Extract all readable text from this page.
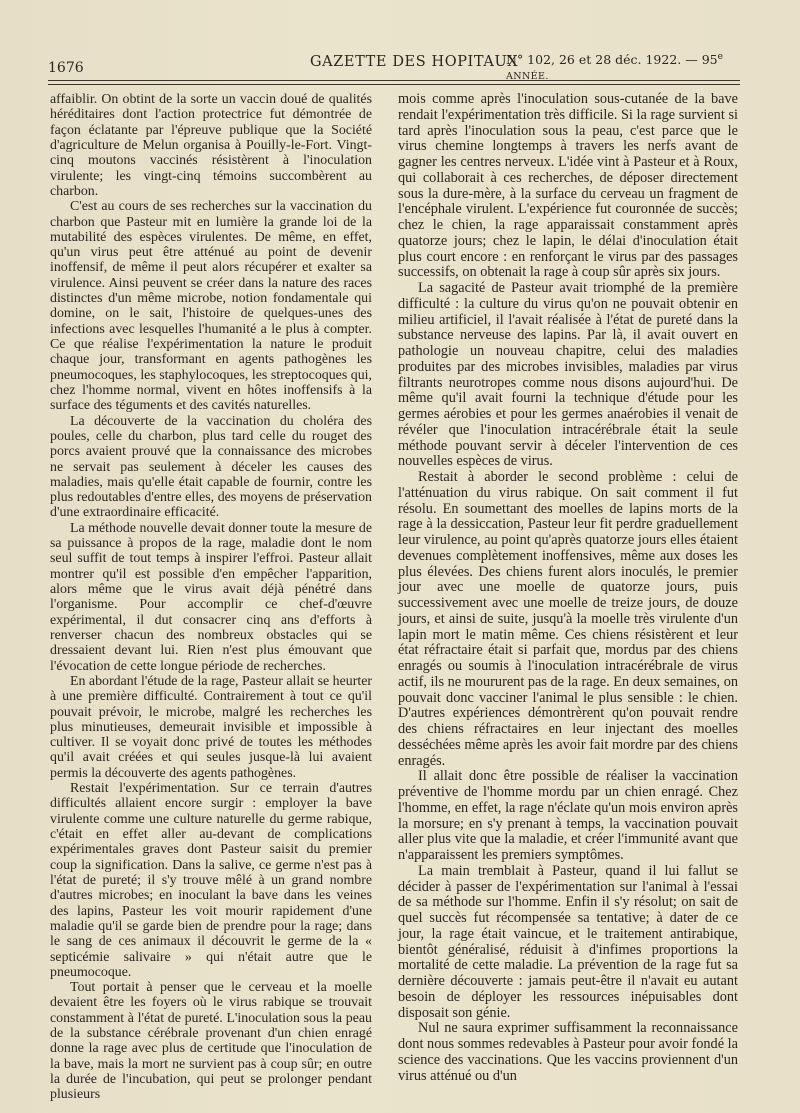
1676	GAZETTE DES HOPITAUX
N° 102, 26 et 28 déc. 1922. — 95e ANNÉE.

affaiblir. On obtint de la sorte un vaccin doué de qualités héréditaires dont l'action protectrice fut démontrée de façon éclatante par l'épreuve publique que la Société d'agriculture de Melun organisa à Pouilly-le-Fort. Vingt-cinq moutons vaccinés résistèrent à l'inoculation virulente; les vingt-cinq témoins succombèrent au charbon.

C'est au cours de ses recherches sur la vaccination du charbon que Pasteur mit en lumière la grande loi de la mutabilité des espèces virulentes. De même, en effet, qu'un virus peut être atténué au point de devenir inoffensif, de même il peut alors récupérer et exalter sa virulence. Ainsi peuvent se créer dans la nature des races distinctes d'un même microbe, notion fondamentale qui domine, on le sait, l'histoire de quelques-unes des infections avec lesquelles l'humanité a le plus à compter. Ce que réalise l'expérimentation la nature le produit chaque jour, transformant en agents pathogènes les pneumocoques, les staphylocoques, les streptocoques qui, chez l'homme normal, vivent en hôtes inoffensifs à la surface des téguments et des cavités naturelles.

La découverte de la vaccination du choléra des poules, celle du charbon, plus tard celle du rouget des porcs avaient prouvé que la connaissance des microbes ne servait pas seulement à déceler les causes des maladies, mais qu'elle était capable de fournir, contre les plus redoutables d'entre elles, des moyens de préservation d'une extraordinaire efficacité.

La méthode nouvelle devait donner toute la mesure de sa puissance à propos de la rage, maladie dont le nom seul suffit de tout temps à inspirer l'effroi. Pasteur allait montrer qu'il est possible d'en empêcher l'apparition, alors même que le virus avait déjà pénétré dans l'organisme. Pour accomplir ce chef-d'œuvre expérimental, il dut consacrer cinq ans d'efforts à renverser chacun des nombreux obstacles qui se dressaient devant lui. Rien n'est plus émouvant que l'évocation de cette longue période de recherches.

En abordant l'étude de la rage, Pasteur allait se heurter à une première difficulté. Contrairement à tout ce qu'il pouvait prévoir, le microbe, malgré les recherches les plus minutieuses, demeurait invisible et impossible à cultiver. Il se voyait donc privé de toutes les méthodes qu'il avait créées et qui seules jusque-là lui avaient permis la découverte des agents pathogènes.

Restait l'expérimentation. Sur ce terrain d'autres difficultés allaient encore surgir : employer la bave virulente comme une culture naturelle du germe rabique, c'était en effet aller au-devant de complications expérimentales graves dont Pasteur saisit du premier coup la signification. Dans la salive, ce germe n'est pas à l'état de pureté; il s'y trouve mêlé à un grand nombre d'autres microbes; en inoculant la bave dans les veines des lapins, Pasteur les voit mourir rapidement d'une maladie qu'il se garde bien de prendre pour la rage; dans le sang de ces animaux il découvrit le germe de la « septicémie salivaire » qui n'était autre que le pneumocoque.

Tout portait à penser que le cerveau et la moelle devaient être les foyers où le virus rabique se trouvait constamment à l'état de pureté. L'inoculation sous la peau de la substance cérébrale provenant d'un chien enragé donne la rage avec plus de certitude que l'inoculation de la bave, mais la mort ne survient pas à coup sûr; en outre la durée de l'incubation, qui peut se prolonger pendant plusieurs

mois comme après l'inoculation sous-cutanée de la bave rendait l'expérimentation très difficile. Si la rage survient si tard après l'inoculation sous la peau, c'est parce que le virus chemine longtemps à travers les nerfs avant de gagner les centres nerveux. L'idée vint à Pasteur et à Roux, qui collaborait à ces recherches, de déposer directement sous la dure-mère, à la surface du cerveau un fragment de l'encéphale virulent. L'expérience fut couronnée de succès; chez le chien, la rage apparaissait constamment après quatorze jours; chez le lapin, le délai d'inoculation était plus court encore : en renforçant le virus par des passages successifs, on obtenait la rage à coup sûr après six jours.

La sagacité de Pasteur avait triomphé de la première difficulté : la culture du virus qu'on ne pouvait obtenir en milieu artificiel, il l'avait réalisée à l'état de pureté dans la substance nerveuse des lapins. Par là, il avait ouvert en pathologie un nouveau chapitre, celui des maladies produites par des microbes invisibles, maladies par virus filtrants neurotropes comme nous disons aujourd'hui. De même qu'il avait fourni la technique d'étude pour les germes aérobies et pour les germes anaérobies il venait de révéler que l'inoculation intracérébrale était la seule méthode pouvant servir à déceler l'intervention de ces nouvelles espèces de virus.

Restait à aborder le second problème : celui de l'atténuation du virus rabique. On sait comment il fut résolu. En soumettant des moelles de lapins morts de la rage à la dessiccation, Pasteur leur fit perdre graduellement leur virulence, au point qu'après quatorze jours elles étaient devenues complètement inoffensives, même aux doses les plus élevées. Des chiens furent alors inoculés, le premier jour avec une moelle de quatorze jours, puis successivement avec une moelle de treize jours, de douze jours, et ainsi de suite, jusqu'à la moelle très virulente d'un lapin mort le matin même. Ces chiens résistèrent et leur état réfractaire était si parfait que, mordus par des chiens enragés ou soumis à l'inoculation intracérébrale de virus actif, ils ne moururent pas de la rage. En deux semaines, on pouvait donc vacciner l'animal le plus sensible : le chien. D'autres expériences démontrèrent qu'on pouvait rendre des chiens réfractaires en leur injectant des moelles desséchées même après les avoir fait mordre par des chiens enragés.

Il allait donc être possible de réaliser la vaccination préventive de l'homme mordu par un chien enragé. Chez l'homme, en effet, la rage n'éclate qu'un mois environ après la morsure; en s'y prenant à temps, la vaccination pouvait aller plus vite que la maladie, et créer l'immunité avant que n'apparaissent les premiers symptômes.

La main tremblait à Pasteur, quand il lui fallut se décider à passer de l'expérimentation sur l'animal à l'essai de sa méthode sur l'homme. Enfin il s'y résolut; on sait de quel succès fut récompensée sa tentative; à dater de ce jour, la rage était vaincue, et le traitement antirabique, bientôt généralisé, réduisit à d'infimes proportions la mortalité de cette maladie. La prévention de la rage fut sa dernière découverte : jamais peut-être il n'avait eu autant besoin de déployer les ressources inépuisables dont disposait son génie.

Nul ne saura exprimer suffisamment la reconnaissance dont nous sommes redevables à Pasteur pour avoir fondé la science des vaccinations. Que les vaccins proviennent d'un virus atténué ou d'un
